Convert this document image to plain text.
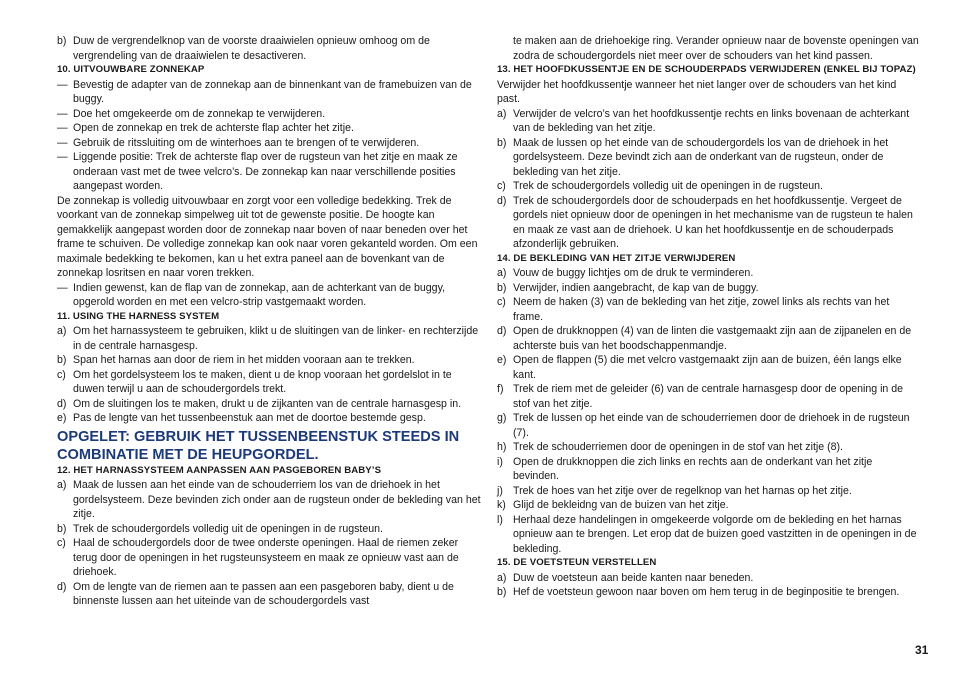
b) Duw de vergrendelknop van de voorste draaiwielen opnieuw omhoog om de vergrendeling van de draaiwielen te desactiveren.
10. UITVOUWBARE ZONNEKAP
— Bevestig de adapter van de zonnekap aan de binnenkant van de framebuizen van de buggy.
— Doe het omgekeerde om de zonnekap te verwijderen.
— Open de zonnekap en trek de achterste flap achter het zitje.
— Gebruik de ritssluiting om de winterhoes aan te brengen of te verwijderen.
— Liggende positie: Trek de achterste flap over de rugsteun van het zitje en maak ze onderaan vast met de twee velcro’s. De zonnekap kan naar verschillende posities aangepast worden.

De zonnekap is volledig uitvouwbaar en zorgt voor een volledige bedekking. Trek de voorkant van de zonnekap simpelweg uit tot de gewenste positie. De hoogte kan gemakkelijk aangepast worden door de zonnekap naar boven of naar beneden over het frame te schuiven. De volledige zonnekap kan ook naar voren gekanteld worden. Om een maximale bedekking te bekomen, kan u het extra paneel aan de bovenkant van de zonnekap losritsen en naar voren trekken.

— Indien gewenst, kan de flap van de zonnekap, aan de achterkant van de buggy, opgerold worden en met een velcro-strip vastgemaakt worden.
11. USING THE HARNESS SYSTEM
a) Om het harnassysteem te gebruiken, klikt u de sluitingen van de linker- en rechterzijde in de centrale harnasgesp.
b) Span het harnas aan door de riem in het midden vooraan aan te trekken.
c) Om het gordelsysteem los te maken, dient u de knop vooraan het gordelslot in te duwen terwijl u aan de schoudergordels trekt.
d) Om de sluitingen los te maken, drukt u de zijkanten van de centrale harnasgesp in.
e) Pas de lengte van het tussenbeenstuk aan met de doortoe bestemde gesp.
OPGELET: GEBRUIK HET TUSSENBEENSTUK STEEDS IN COMBINATIE MET DE HEUPGORDEL.
12. HET HARNASSYSTEEM AANPASSEN AAN PASGEBOREN BABY’S
a) Maak de lussen aan het einde van de schouderriem los van de driehoek in het gordelsysteem. Deze bevinden zich onder aan de rugsteun onder de bekleding van het zitje.
b) Trek de schoudergordels volledig uit de openingen in de rugsteun.
c) Haal de schoudergordels door de twee onderste openingen. Haal de riemen zeker terug door de openingen in het rugsteunsysteem en maak ze opnieuw vast aan de driehoek.
d) Om de lengte van de riemen aan te passen aan een pasgeboren baby, dient u de binnenste lussen aan het uiteinde van de schoudergordels vast
te maken aan de driehoekige ring. Verander opnieuw naar de bovenste openingen van zodra de schoudergordels niet meer over de schouders van het kind passen.
13. HET HOOFDKUSSENTJE EN DE SCHOUDERPADS VERWIJDEREN (ENKEL BIJ TOPAZ)

Verwijder het hoofdkussentje wanneer het niet langer over de schouders van het kind past.

a) Verwijder de velcro’s van het hoofdkussentje rechts en links bovenaan de achterkant van de bekleding van het zitje.
b) Maak de lussen op het einde van de schoudergordels los van de driehoek in het gordelsysteem. Deze bevindt zich aan de onderkant van de rugsteun, onder de bekleding van het zitje.
c) Trek de schoudergordels volledig uit de openingen in de rugsteun.
d) Trek de schoudergordels door de schouderpads en het hoofdkussentje. Vergeet de gordels niet opnieuw door de openingen in het mechanisme van de rugsteun te halen en maak ze vast aan de driehoek. U kan het hoofdkussentje en de schouderpads afzonderlijk gebruiken.
14. DE BEKLEDING VAN HET ZITJE VERWIJDEREN
a) Vouw de buggy lichtjes om de druk te verminderen.
b) Verwijder, indien aangebracht, de kap van de buggy.
c) Neem de haken (3) van de bekleding van het zitje, zowel links als rechts van het frame.
d) Open de drukknoppen (4) van de linten die vastgemaakt zijn aan de zijpanelen en de achterste buis van het boodschappenmandje.
e) Open de flappen (5) die met velcro vastgemaakt zijn aan de buizen, één langs elke kant.
f) Trek de riem met de geleider (6) van de centrale harnasgesp door de opening in de stof van het zitje.
g) Trek de lussen op het einde van de schouderriemen door de driehoek in de rugsteun (7).
h) Trek de schouderriemen door de openingen in de stof van het zitje (8).
i) Open de drukknoppen die zich links en rechts aan de onderkant van het zitje bevinden.
j) Trek de hoes van het zitje over de regelknop van het harnas op het zitje.
k) Glijd de bekleidng van de buizen van het zitje.
l) Herhaal deze handelingen in omgekeerde volgorde om de bekleding en het harnas opnieuw aan te brengen. Let erop dat de buizen goed vastzitten in de openingen in de bekleding.
15. DE VOETSTEUN VERSTELLEN
a) Duw de voetsteun aan beide kanten naar beneden.
b) Hef de voetsteun gewoon naar boven om hem terug in de beginpositie te brengen.
31
